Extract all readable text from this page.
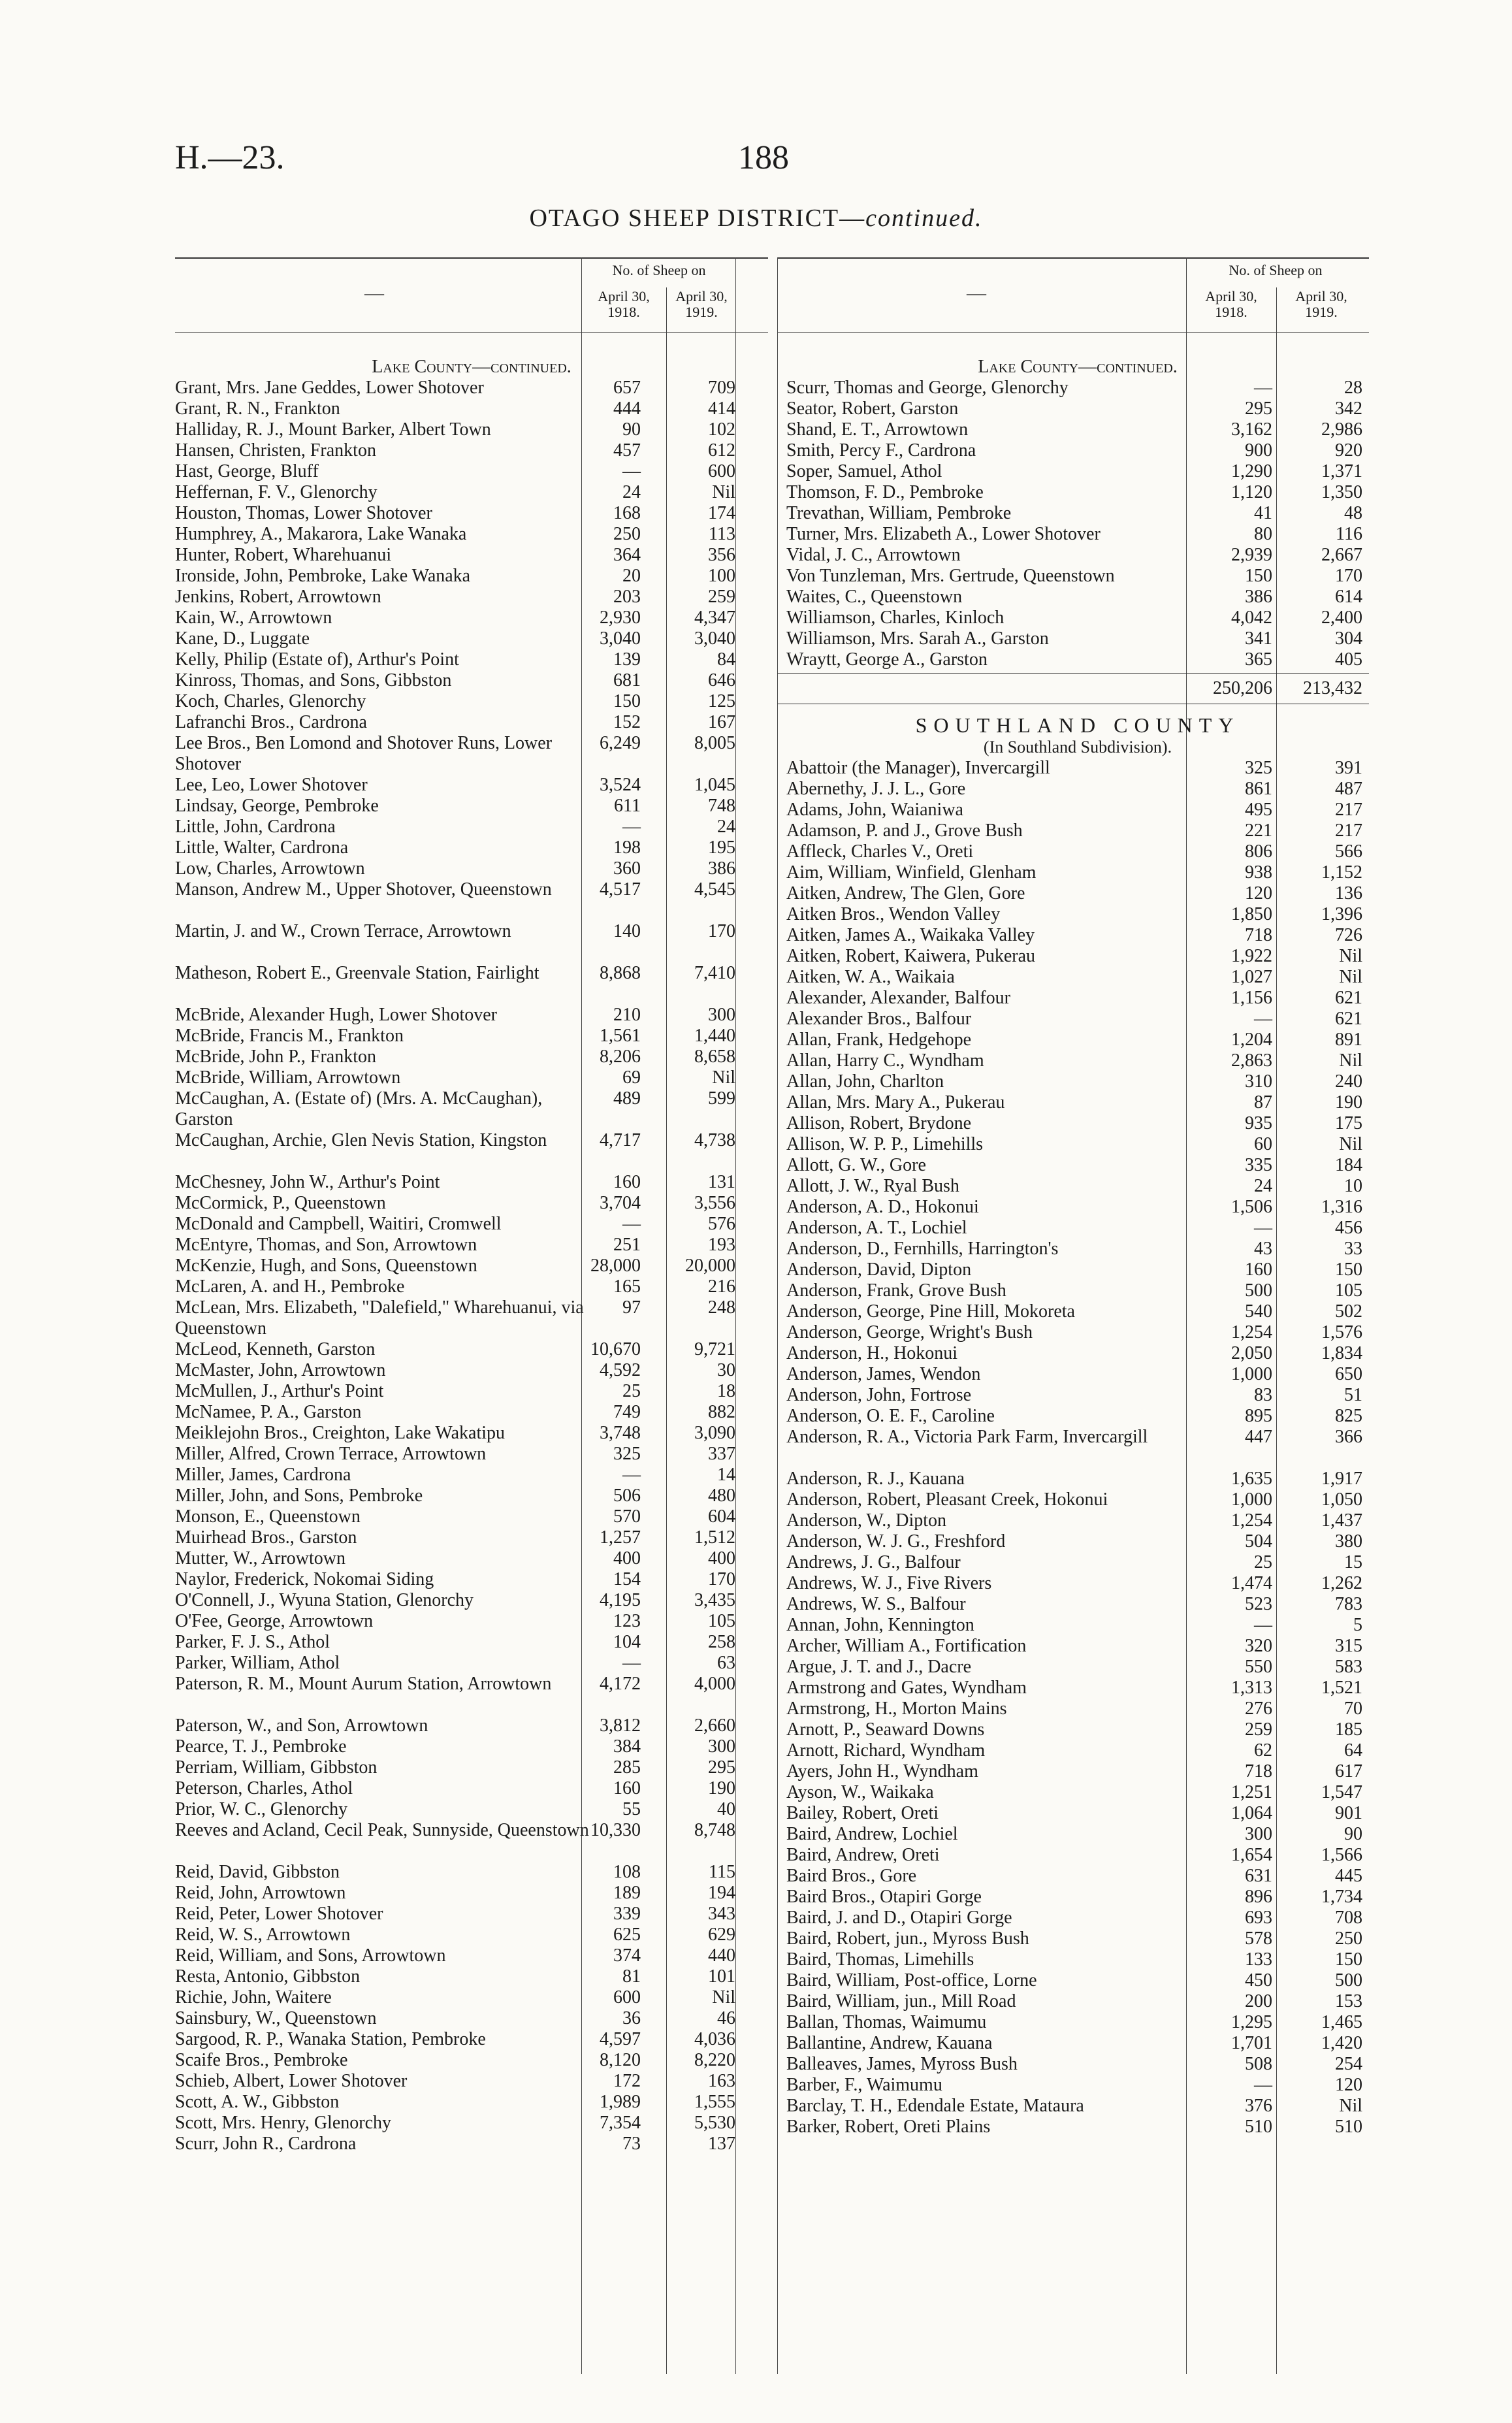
H.—23.	188
OTAGO SHEEP DISTRICT—continued.
—
No. of Sheep on
April 30, 1918.
April 30, 1919.
Lake County—continued.
Grant, Mrs. Jane Geddes, Lower Shotover	657	709
Grant, R. N., Frankton	444	414
Halliday, R. J., Mount Barker, Albert Town	90	102
Hansen, Christen, Frankton	457	612
Hast, George, Bluff	—	600
Heffernan, F. V., Glenorchy	24	Nil
Houston, Thomas, Lower Shotover	168	174
Humphrey, A., Makarora, Lake Wanaka	250	113
Hunter, Robert, Wharehuanui	364	356
Ironside, John, Pembroke, Lake Wanaka	20	100
Jenkins, Robert, Arrowtown	203	259
Kain, W., Arrowtown	2,930	4,347
Kane, D., Luggate	3,040	3,040
Kelly, Philip (Estate of), Arthur's Point	139	84
Kinross, Thomas, and Sons, Gibbston	681	646
Koch, Charles, Glenorchy	150	125
Lafranchi Bros., Cardrona	152	167
Lee Bros., Ben Lomond and Shotover Runs, Lower Shotover
6,249	8,005
Lee, Leo, Lower Shotover	3,524	1,045
Lindsay, George, Pembroke	611	748
Little, John, Cardrona	—	24
Little, Walter, Cardrona	198	195
Low, Charles, Arrowtown	360	386
Manson, Andrew M., Upper Shotover, Queenstown	4,517	4,545
Martin, J. and W., Crown Terrace, Arrowtown	140	170
Matheson, Robert E., Greenvale Station, Fairlight	8,868	7,410
McBride, Alexander Hugh, Lower Shotover	210	300
McBride, Francis M., Frankton	1,561	1,440
McBride, John P., Frankton	8,206	8,658
McBride, William, Arrowtown	69	Nil
McCaughan, A. (Estate of) (Mrs. A. McCaughan), Garston
489	599
McCaughan, Archie, Glen Nevis Station, Kingston	4,717	4,738
McChesney, John W., Arthur's Point	160	131
McCormick, P., Queenstown	3,704	3,556
McDonald and Campbell, Waitiri, Cromwell	—	576
McEntyre, Thomas, and Son, Arrowtown	251	193
McKenzie, Hugh, and Sons, Queenstown	28,000 20,000
McLaren, A. and H., Pembroke	165	216
McLean, Mrs. Elizabeth, "Dalefield," Wharehuanui, via Queenstown
97	248
McLeod, Kenneth, Garston	10,670	9,721
McMaster, John, Arrowtown	4,592	30
McMullen, J., Arthur's Point	25	18
McNamee, P. A., Garston	749	882
Meiklejohn Bros., Creighton, Lake Wakatipu	3,748	3,090
Miller, Alfred, Crown Terrace, Arrowtown	325	337
Miller, James, Cardrona	—	14
Miller, John, and Sons, Pembroke	506	480
Monson, E., Queenstown	570	604
Muirhead Bros., Garston	1,257	1,512
Mutter, W., Arrowtown	400	400
Naylor, Frederick, Nokomai Siding	154	170
O'Connell, J., Wyuna Station, Glenorchy	4,195	3,435
O'Fee, George, Arrowtown	123	105
Parker, F. J. S., Athol	104	258
Parker, William, Athol	—	63
Paterson, R. M., Mount Aurum Station, Arrowtown	4,172	4,000
Paterson, W., and Son, Arrowtown	3,812	2,660
Pearce, T. J., Pembroke	384	300
Perriam, William, Gibbston	285	295
Peterson, Charles, Athol	160	190
Prior, W. C., Glenorchy	55	40
Reeves and Acland, Cecil Peak, Sunnyside, Queenstown 10,330	8,748
Reid, David, Gibbston	108	115
Reid, John, Arrowtown	189	194
Reid, Peter, Lower Shotover	339	343
Reid, W. S., Arrowtown	625	629
Reid, William, and Sons, Arrowtown	374	440
Resta, Antonio, Gibbston	81	101
Richie, John, Waitere	600	Nil
Sainsbury, W., Queenstown	36	46
Sargood, R. P., Wanaka Station, Pembroke	4,597	4,036
Scaife Bros., Pembroke	8,120	8,220
Schieb, Albert, Lower Shotover	172	163
Scott, A. W., Gibbston	1,989	1,555
Scott, Mrs. Henry, Glenorchy	7,354	5,530
Scurr, John R., Cardrona	73	137
—
No. of Sheep on
April 30, 1918.
April 30, 1919.
Lake County—continued.
Scurr, Thomas and George, Glenorchy	—	28
Seator, Robert, Garston	295	342
Shand, E. T., Arrowtown	3,162	2,986
Smith, Percy F., Cardrona	900	920
Soper, Samuel, Athol	1,290	1,371
Thomson, F. D., Pembroke	1,120	1,350
Trevathan, William, Pembroke	41	48
Turner, Mrs. Elizabeth A., Lower Shotover	80	116
Vidal, J. C., Arrowtown	2,939	2,667
Von Tunzleman, Mrs. Gertrude, Queenstown	150	170
Waites, C., Queenstown	386	614
Williamson, Charles, Kinloch	4,042	2,400
Williamson, Mrs. Sarah A., Garston	341	304
Wraytt, George A., Garston	365	405
250,206 213,432
SOUTHLAND COUNTY
(In Southland Subdivision).
Abattoir (the Manager), Invercargill	325	391
Abernethy, J. J. L., Gore	861	487
Adams, John, Waianiwa	495	217
Adamson, P. and J., Grove Bush	221	217
Affleck, Charles V., Oreti	806	566
Aim, William, Winfield, Glenham	938	1,152
Aitken, Andrew, The Glen, Gore	120	136
Aitken Bros., Wendon Valley	1,850	1,396
Aitken, James A., Waikaka Valley	718	726
Aitken, Robert, Kaiwera, Pukerau	1,922	Nil
Aitken, W. A., Waikaia	1,027	Nil
Alexander, Alexander, Balfour	1,156	621
Alexander Bros., Balfour	—	621
Allan, Frank, Hedgehope	1,204	891
Allan, Harry C., Wyndham	2,863	Nil
Allan, John, Charlton	310	240
Allan, Mrs. Mary A., Pukerau	87	190
Allison, Robert, Brydone	935	175
Allison, W. P. P., Limehills	60	Nil
Allott, G. W., Gore	335	184
Allott, J. W., Ryal Bush	24	10
Anderson, A. D., Hokonui	1,506	1,316
Anderson, A. T., Lochiel	—	456
Anderson, D., Fernhills, Harrington's	43	33
Anderson, David, Dipton	160	150
Anderson, Frank, Grove Bush	500	105
Anderson, George, Pine Hill, Mokoreta	540	502
Anderson, George, Wright's Bush	1,254	1,576
Anderson, H., Hokonui	2,050	1,834
Anderson, James, Wendon	1,000	650
Anderson, John, Fortrose	83	51
Anderson, O. E. F., Caroline	895	825
Anderson, R. A., Victoria Park Farm, Invercargill	447	366
Anderson, R. J., Kauana	1,635	1,917
Anderson, Robert, Pleasant Creek, Hokonui	1,000	1,050
Anderson, W., Dipton	1,254	1,437
Anderson, W. J. G., Freshford	504	380
Andrews, J. G., Balfour	25	15
Andrews, W. J., Five Rivers	1,474	1,262
Andrews, W. S., Balfour	523	783
Annan, John, Kennington	—	5
Archer, William A., Fortification	320	315
Argue, J. T. and J., Dacre	550	583
Armstrong and Gates, Wyndham	1,313	1,521
Armstrong, H., Morton Mains	276	70
Arnott, P., Seaward Downs	259	185
Arnott, Richard, Wyndham	62	64
Ayers, John H., Wyndham	718	617
Ayson, W., Waikaka	1,251	1,547
Bailey, Robert, Oreti	1,064	901
Baird, Andrew, Lochiel	300	90
Baird, Andrew, Oreti	1,654	1,566
Baird Bros., Gore	631	445
Baird Bros., Otapiri Gorge	896	1,734
Baird, J. and D., Otapiri Gorge	693	708
Baird, Robert, jun., Myross Bush	578	250
Baird, Thomas, Limehills	133	150
Baird, William, Post-office, Lorne	450	500
Baird, William, jun., Mill Road	200	153
Ballan, Thomas, Waimumu	1,295	1,465
Ballantine, Andrew, Kauana	1,701	1,420
Balleaves, James, Myross Bush	508	254
Barber, F., Waimumu	—	120
Barclay, T. H., Edendale Estate, Mataura	376	Nil
Barker, Robert, Oreti Plains	510	510
